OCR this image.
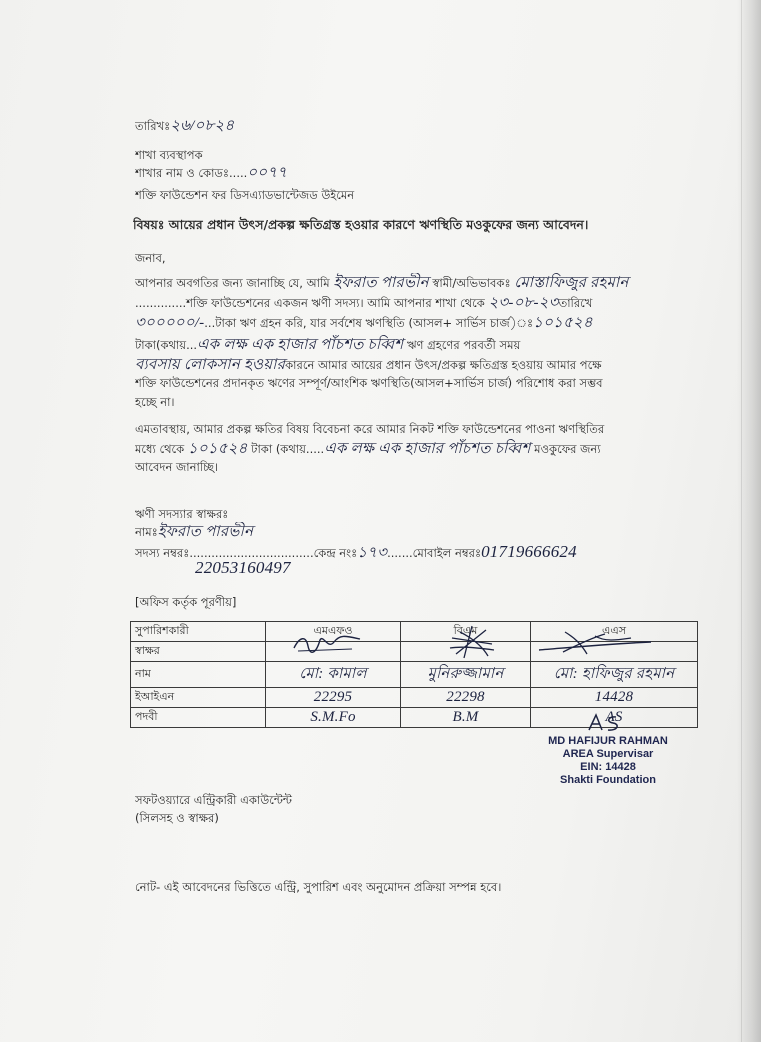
তারিখঃ২৬/০৮২৪
শাখা ব্যবস্থাপক
শাখার নাম ও কোডঃ.....০০৭৭
শক্তি ফাউন্ডেশন ফর ডিসএ্যাডভান্টেজড উইমেন
বিষয়ঃ আয়ের প্রধান উৎস/প্রকল্প ক্ষতিগ্রস্ত হওয়ার কারণে ঋণস্থিতি মওকুফের জন্য আবেদন।
জনাব,
আপনার অবগতির জন্য জানাচ্ছি যে, আমি ইফরাত পারভীন স্বামী/অভিভাবকঃ মোস্তাফিজুর রহমান
..............শক্তি ফাউন্ডেশনের একজন ঋণী সদস্য। আমি আপনার শাখা থেকে ২৩-০৮-২৩তারিখে
৩০০০০০/-...টাকা ঋণ গ্রহন করি, যার সর্বশেষ ঋণস্থিতি (আসল+ সার্ভিস চার্জ)ঃ১০১৫২৪
টাকা(কথায়...এক লক্ষ এক হাজার পাঁচশত চব্বিশ ঋণ গ্রহণের পরবর্তী সময়
ব্যবসায় লোকসান হওয়ারকারনে আমার আয়ের প্রধান উৎস/প্রকল্প ক্ষতিগ্রস্ত হওয়ায় আমার পক্ষে
শক্তি ফাউন্ডেশনের প্রদানকৃত ঋণের সম্পূর্ণ/আংশিক ঋণস্থিতি(আসল+সার্ভিস চার্জ) পরিশোধ করা সম্ভব
হচ্ছে না।
এমতাবস্থায়, আমার প্রকল্প ক্ষতির বিষয় বিবেচনা করে আমার নিকট শক্তি ফাউন্ডেশনের পাওনা ঋণস্থিতির
মধ্যে থেকে ১০১৫২৪ টাকা (কথায়.....এক লক্ষ এক হাজার পাঁচশত চব্বিশ মওকুফের জন্য
আবেদন জানাচ্ছি।
ঋণী সদস্যার স্বাক্ষরঃ
নামঃইফরাত পারভীন
সদস্য নম্বরঃ..................................কেন্দ্র নংঃ১৭৩.......মোবাইল নম্বরঃ01719666624
22053160497
[অফিস কর্তৃক পূরণীয়]
সুপারিশকারী	এমএফও	বিএম	এএস
স্বাক্ষর			
নাম	মো: কামাল	মুনিরুজ্জামান	মো: হাফিজুর রহমান
ইআইএন	22295	22298	14428
পদবী	S.M.Fo	B.M	AS
MD HAFIJUR RAHMAN
AREA Supervisar
EIN: 14428
Shakti Foundation
সফটওয়্যারে এন্ট্রিকারী একাউন্টেন্ট
(সিলসহ ও স্বাক্ষর)
নোট- এই আবেদনের ভিত্তিতে এন্ট্রি, সুপারিশ এবং অনুমোদন প্রক্রিয়া সম্পন্ন হবে।
